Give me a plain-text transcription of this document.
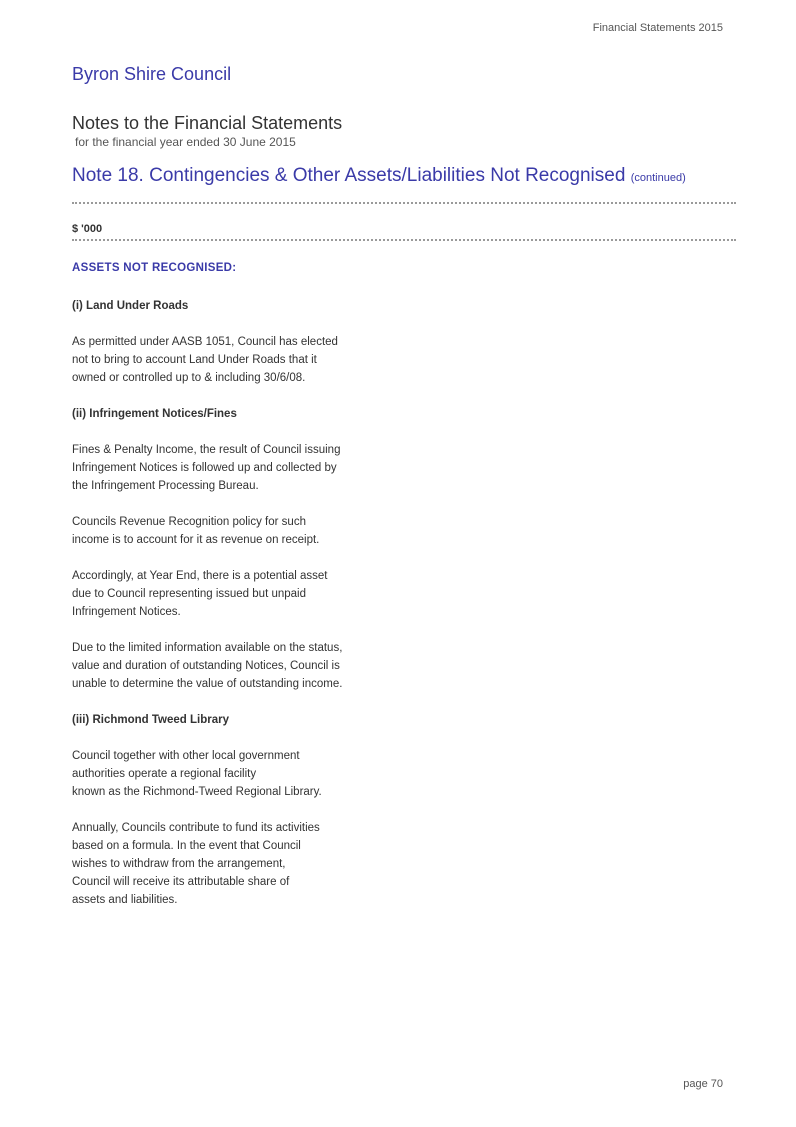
Financial Statements 2015
Byron Shire Council
Notes to the Financial Statements
for the financial year ended 30 June 2015
Note 18. Contingencies & Other Assets/Liabilities Not Recognised (continued)
$ '000
ASSETS NOT RECOGNISED:
(i) Land Under Roads

As permitted under AASB 1051, Council has elected
not to bring to account Land Under Roads that it
owned or controlled up to & including 30/6/08.

(ii) Infringement Notices/Fines

Fines & Penalty Income, the result of Council issuing
Infringement Notices is followed up and collected by
the Infringement Processing Bureau.

Councils Revenue Recognition policy for such
income is to account for it as revenue on receipt.

Accordingly, at Year End, there is a potential asset
due to Council representing issued but unpaid
Infringement Notices.

Due to the limited information available on the status,
value and duration of outstanding Notices, Council is
unable to determine the value of outstanding income.

(iii) Richmond Tweed Library

Council together with other local government
authorities operate a regional facility
known as the Richmond-Tweed Regional Library.

Annually, Councils contribute to fund its activities
based on a formula. In the event that Council
wishes to withdraw from the arrangement,
Council will receive its attributable share of
assets and liabilities.

page 70
